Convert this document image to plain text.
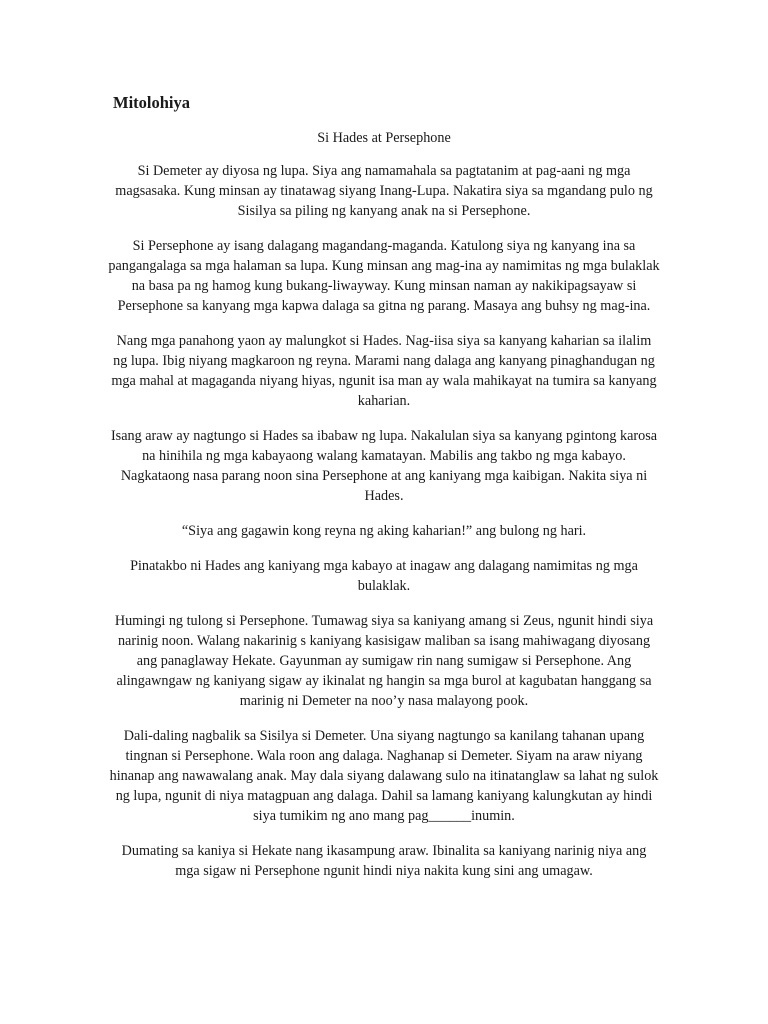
Mitolohiya

Si Hades at Persephone

Si Demeter ay diyosa ng lupa. Siya ang namamahala sa pagtatanim at pag-aani ng mga magsasaka. Kung minsan ay tinatawag siyang Inang-Lupa. Nakatira siya sa mgandang pulo ng Sisilya sa piling ng kanyang anak na si Persephone.

Si Persephone ay isang dalagang magandang-maganda. Katulong siya ng kanyang ina sa pangangalaga sa mga halaman sa lupa. Kung minsan ang mag-ina ay namimitas ng mga bulaklak na basa pa ng hamog kung bukang-liwayway. Kung minsan naman ay nakikipagsayaw si Persephone sa kanyang mga kapwa dalaga sa gitna ng parang. Masaya ang buhsy ng mag-ina.

Nang mga panahong yaon ay malungkot si Hades. Nag-iisa siya sa kanyang kaharian sa ilalim ng lupa. Ibig niyang magkaroon ng reyna. Marami nang dalaga ang kanyang pinaghandugan ng mga mahal at magaganda niyang hiyas, ngunit isa man ay wala mahikayat na tumira sa kanyang kaharian.

Isang araw ay nagtungo si Hades sa ibabaw ng lupa. Nakalulan siya sa kanyang pgintong karosa na hinihila ng mga kabayaong walang kamatayan. Mabilis ang takbo ng mga kabayo. Nagkataong nasa parang noon sina Persephone at ang kaniyang mga kaibigan. Nakita siya ni Hades.

“Siya ang gagawin kong reyna ng aking kaharian!” ang bulong ng hari.

Pinatakbo ni Hades ang kaniyang mga kabayo at inagaw ang dalagang namimitas ng mga bulaklak.

Humingi ng tulong si Persephone. Tumawag siya sa kaniyang amang si Zeus, ngunit hindi siya narinig noon. Walang nakarinig s kaniyang kasisigaw maliban sa isang mahiwagang diyosang ang panaglaway Hekate. Gayunman ay sumigaw rin nang sumigaw si Persephone. Ang alingawngaw ng kaniyang sigaw ay ikinalat ng hangin sa mga burol at kagubatan hanggang sa marinig ni Demeter na noo’y nasa malayong pook.

Dali-daling nagbalik sa Sisilya si Demeter. Una siyang nagtungo sa kanilang tahanan upang tingnan si Persephone. Wala roon ang dalaga. Naghanap si Demeter. Siyam na araw niyang hinanap ang nawawalang anak. May dala siyang dalawang sulo na itinatanglaw sa lahat ng sulok ng lupa, ngunit di niya matagpuan ang dalaga. Dahil sa lamang kaniyang kalungkutan ay hindi siya tumikim ng ano mang pag______inumin.

Dumating sa kaniya si Hekate nang ikasampung araw. Ibinalita sa kaniyang narinig niya ang mga sigaw ni Persephone ngunit hindi niya nakita kung sini ang umagaw.
